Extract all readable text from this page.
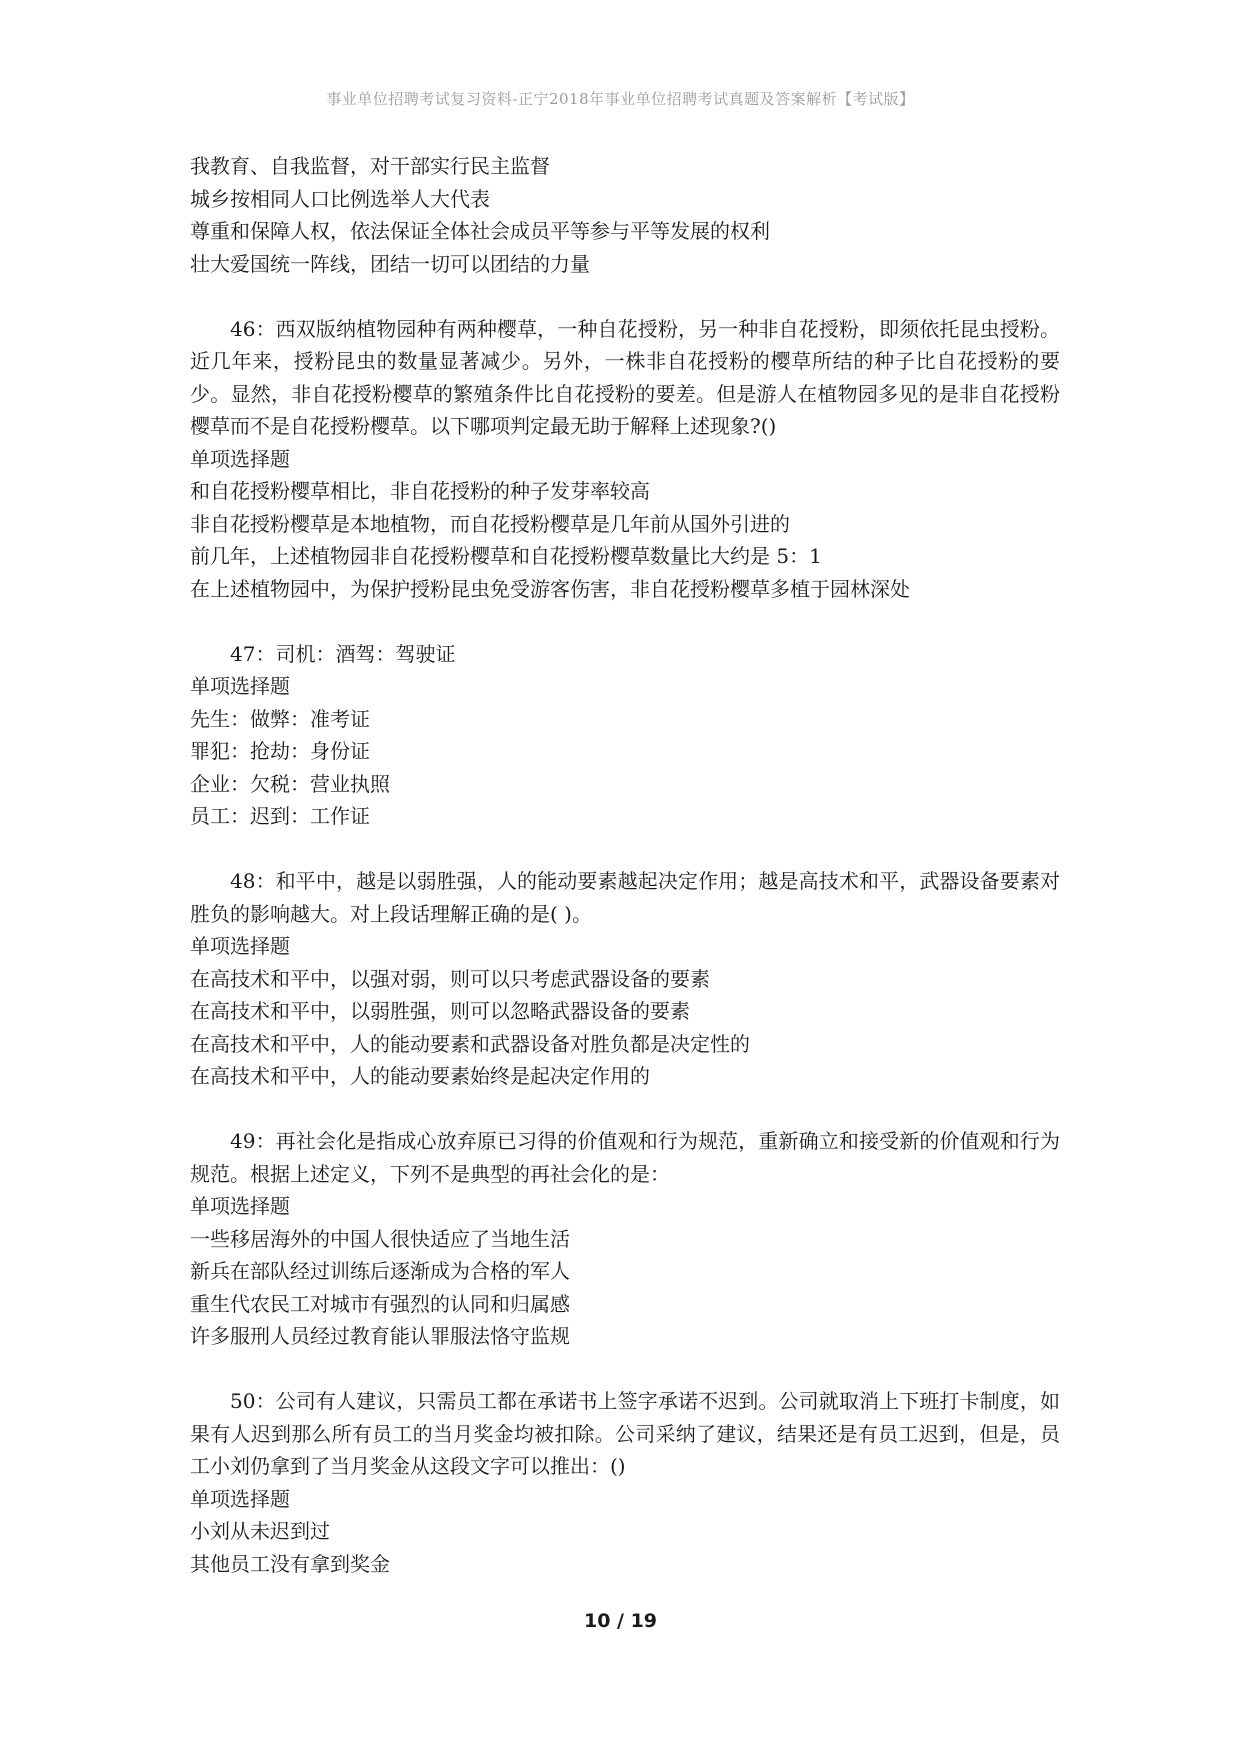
事业单位招聘考试复习资料-正宁2018年事业单位招聘考试真题及答案解析【考试版】
我教育、自我监督，对干部实行民主监督
城乡按相同人口比例选举人大代表
尊重和保障人权，依法保证全体社会成员平等参与平等发展的权利
壮大爱国统一阵线，团结一切可以团结的力量
46：西双版纳植物园种有两种樱草，一种自花授粉，另一种非自花授粉，即须依托昆虫授粉。近几年来，授粉昆虫的数量显著减少。另外，一株非自花授粉的樱草所结的种子比自花授粉的要少。显然，非自花授粉樱草的繁殖条件比自花授粉的要差。但是游人在植物园多见的是非自花授粉樱草而不是自花授粉樱草。以下哪项判定最无助于解释上述现象?()
单项选择题
和自花授粉樱草相比，非自花授粉的种子发芽率较高
非自花授粉樱草是本地植物，而自花授粉樱草是几年前从国外引进的
前几年，上述植物园非自花授粉樱草和自花授粉樱草数量比大约是 5：1
在上述植物园中，为保护授粉昆虫免受游客伤害，非自花授粉樱草多植于园林深处
47：司机：酒驾：驾驶证
单项选择题
先生：做弊：准考证
罪犯：抢劫：身份证
企业：欠税：营业执照
员工：迟到：工作证
48：和平中，越是以弱胜强，人的能动要素越起决定作用；越是高技术和平，武器设备要素对胜负的影响越大。对上段话理解正确的是( )。
单项选择题
在高技术和平中，以强对弱，则可以只考虑武器设备的要素
在高技术和平中，以弱胜强，则可以忽略武器设备的要素
在高技术和平中，人的能动要素和武器设备对胜负都是决定性的
在高技术和平中，人的能动要素始终是起决定作用的
49：再社会化是指成心放弃原已习得的价值观和行为规范，重新确立和接受新的价值观和行为规范。根据上述定义，下列不是典型的再社会化的是：
单项选择题
一些移居海外的中国人很快适应了当地生活
新兵在部队经过训练后逐渐成为合格的军人
重生代农民工对城市有强烈的认同和归属感
许多服刑人员经过教育能认罪服法恪守监规
50：公司有人建议，只需员工都在承诺书上签字承诺不迟到。公司就取消上下班打卡制度，如果有人迟到那么所有员工的当月奖金均被扣除。公司采纳了建议，结果还是有员工迟到，但是，员工小刘仍拿到了当月奖金从这段文字可以推出：()
单项选择题
小刘从未迟到过
其他员工没有拿到奖金
10 / 19
